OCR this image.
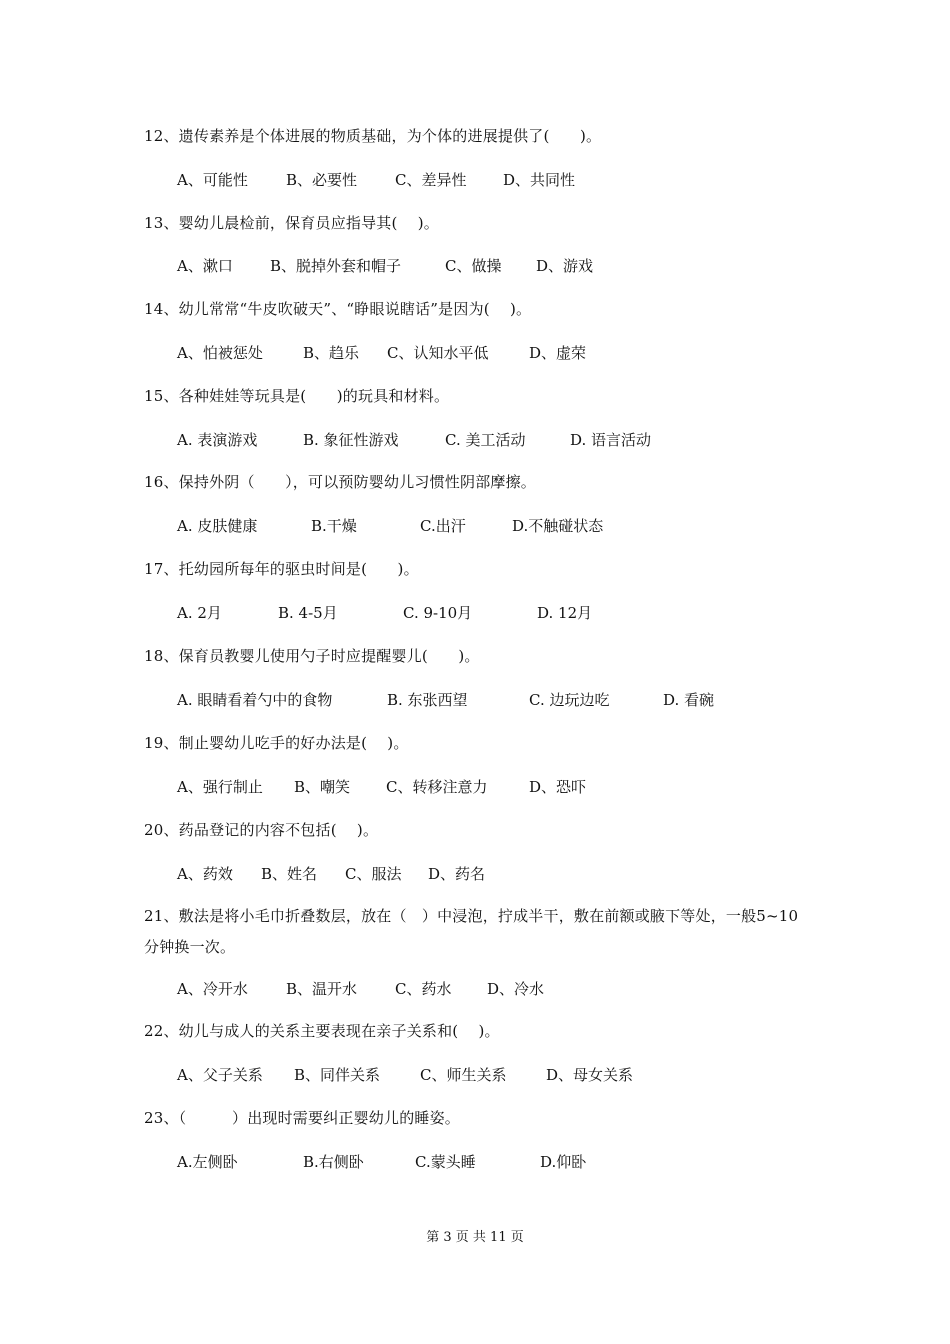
12、遗传素养是个体进展的物质基础，为个体的进展提供了(　　)。
A、可能性	B、必要性	C、差异性 D、共同性
13、婴幼儿晨检前，保育员应指导其(　 )。
A、漱口 B、脱掉外套和帽子	C、做操 D、游戏
14、幼儿常常“牛皮吹破天”、“睁眼说瞎话”是因为(　 )。
A、怕被惩处	B、趋乐 C、认知水平低	D、虚荣
15、各种娃娃等玩具是(　　)的玩具和材料。
A. 表演游戏	B. 象征性游戏	C. 美工活动	D. 语言活动
16、保持外阴（　　），可以预防婴幼儿习惯性阴部摩擦。
A. 皮肤健康	B.干燥	C.出汗	D.不触碰状态
17、托幼园所每年的驱虫时间是(　　)。
A. 2月	B. 4-5月	C. 9-10月	D. 12月
18、保育员教婴儿使用勺子时应提醒婴儿(　　)。
A. 眼睛看着勺中的食物	B. 东张西望	C. 边玩边吃	D. 看碗
19、制止婴幼儿吃手的好办法是(　 )。
A、强行制止 B、嘲笑 C、转移注意力	D、恐吓
20、药品登记的内容不包括(　 )。
A、药效 B、姓名 C、服法 D、药名
21、敷法是将小毛巾折叠数层，放在（　）中浸泡，拧成半干，敷在前额或腋下等处，一般5~10分钟换一次。
A、冷开水	B、温开水	C、药水 D、冷水
22、幼儿与成人的关系主要表现在亲子关系和(　 )。
A、父子关系 B、同伴关系	C、师生关系	D、母女关系
23、（　　　）出现时需要纠正婴幼儿的睡姿。
A.左侧卧	B.右侧卧	C.蒙头睡	D.仰卧
第 3 页 共 11 页
